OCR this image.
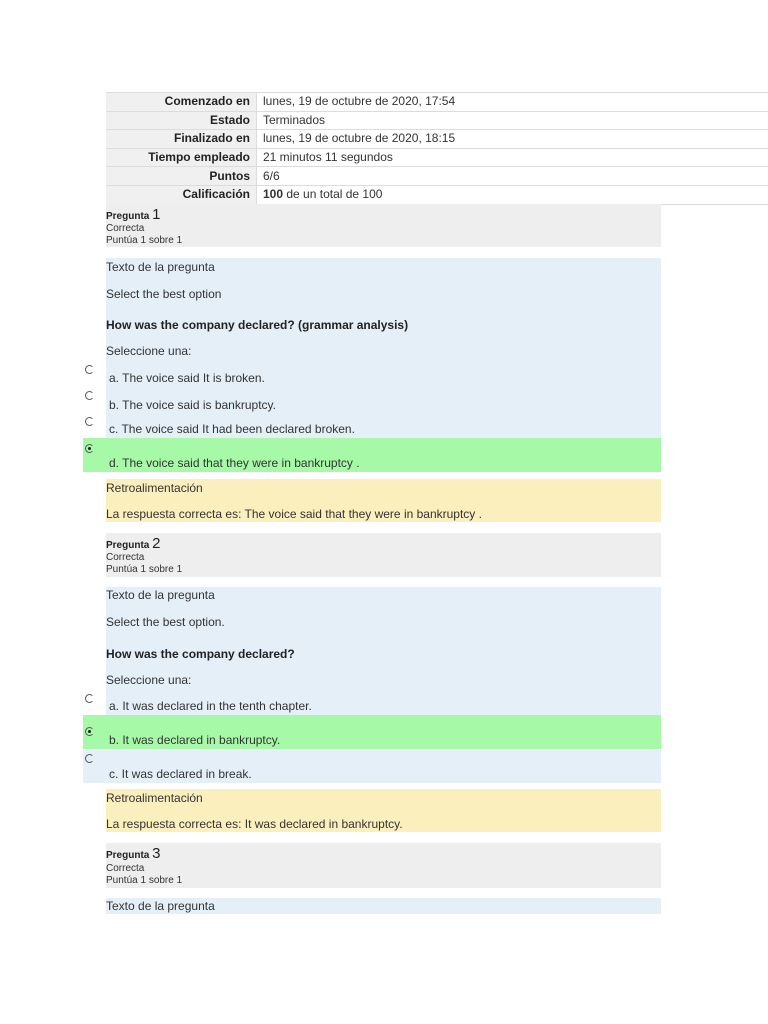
Comenzado en	lunes, 19 de octubre de 2020, 17:54
Estado	Terminados
Finalizado en	lunes, 19 de octubre de 2020, 18:15
Tiempo empleado	21 minutos 11 segundos
Puntos	6/6
Calificación	100 de un total de 100
Pregunta 1
Correcta
Puntúa 1 sobre 1
Texto de la pregunta
Select the best option
How was the company declared? (grammar analysis)
Seleccione una:
a. The voice said It is broken.
b. The voice said is bankruptcy.
c. The voice said It had been declared broken.
d. The voice said that they were in bankruptcy .
Retroalimentación
La respuesta correcta es: The voice said that they were in bankruptcy .
Pregunta 2
Correcta
Puntúa 1 sobre 1
Texto de la pregunta
Select the best option.
How was the company declared?
Seleccione una:
a. It was declared in the tenth chapter.
b. It was declared in bankruptcy.
c. It was declared in break.
Retroalimentación
La respuesta correcta es: It was declared in bankruptcy.
Pregunta 3
Correcta
Puntúa 1 sobre 1
Texto de la pregunta
